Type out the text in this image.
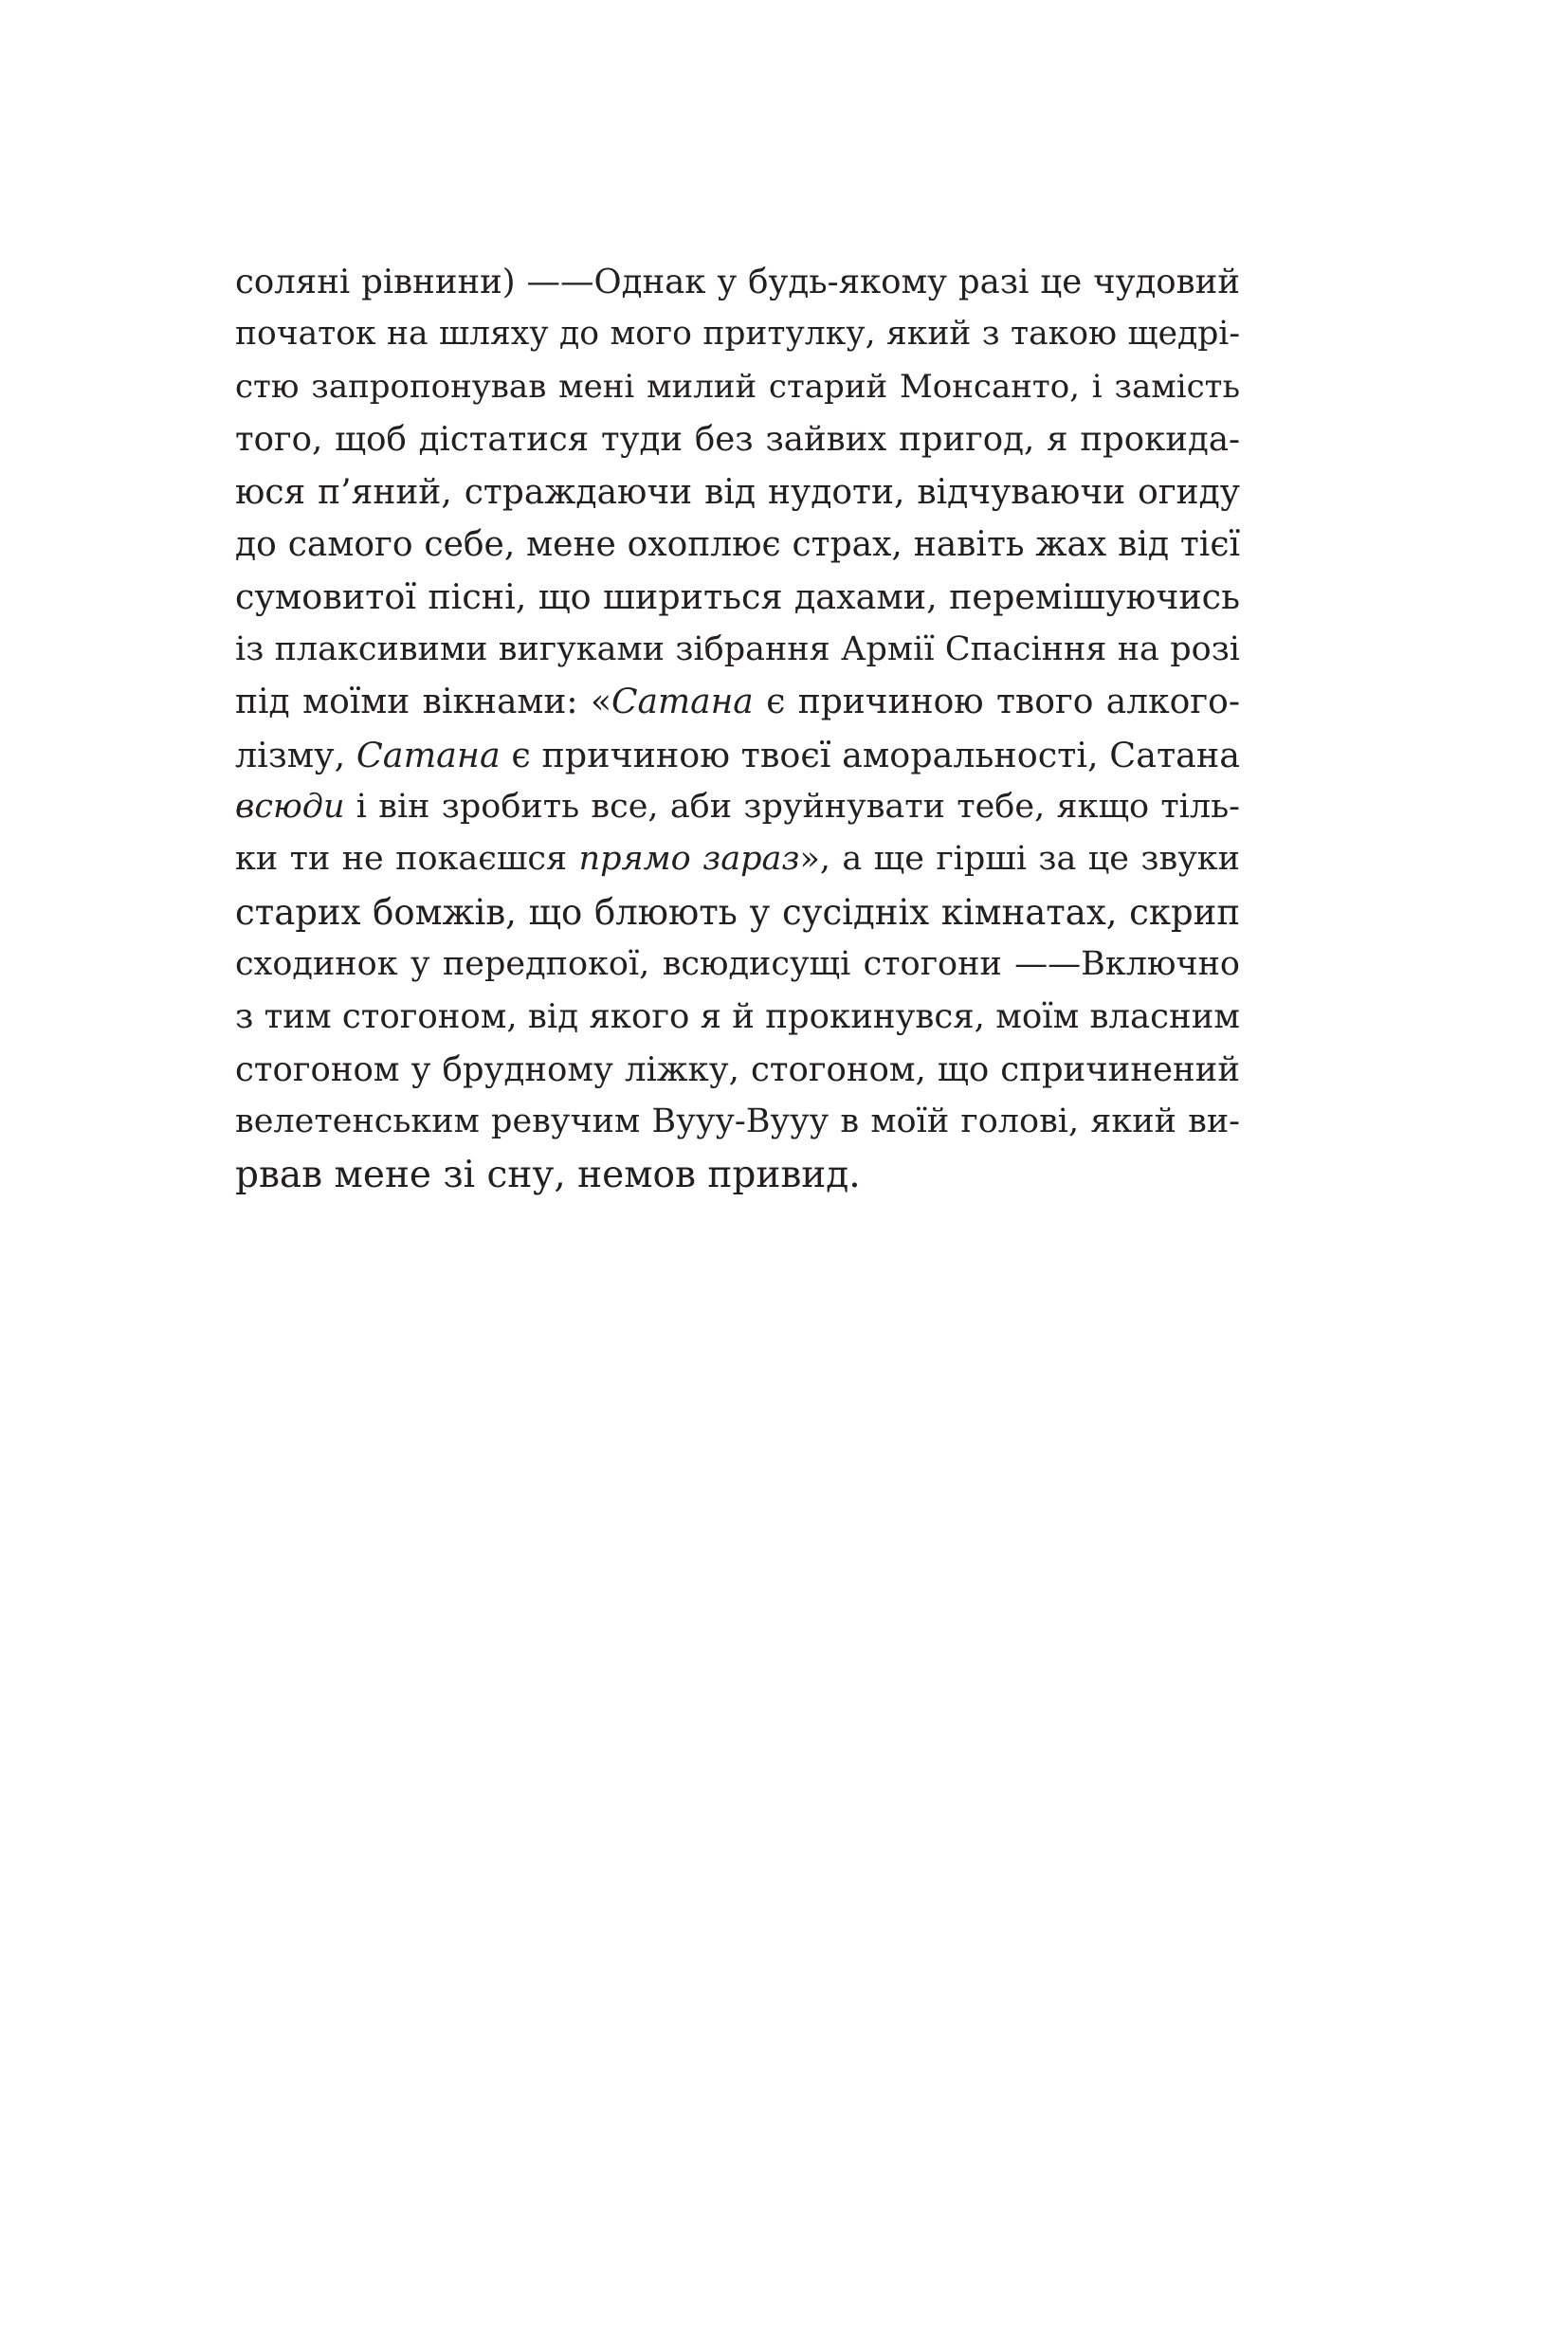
соляні рівнини) ——Однак у будь-якому разі це чудовий
початок на шляху до мого притулку, який з такою щедрі-
стю запропонував мені милий старий Монсанто, і замість
того, щоб дістатися туди без зайвих пригод, я прокида-
юся п’яний, страждаючи від нудоти, відчуваючи огиду
до самого себе, мене охоплює страх, навіть жах від тієї
сумовитої пісні, що шириться дахами, перемішуючись
із плаксивими вигуками зібрання Армії Спасіння на розі
під моїми вікнами: «Сатана є причиною твого алкого-
лізму, Сатана є причиною твоєї аморальності, Сатана
всюди і він зробить все, аби зруйнувати тебе, якщо тіль-
ки ти не покаєшся прямо зараз», а ще гірші за це звуки
старих бомжів, що блюють у сусідніх кімнатах, скрип
сходинок у передпокої, всюдисущі стогони ——Включно
з тим стогоном, від якого я й прокинувся, моїм власним
стогоном у брудному ліжку, стогоном, що спричинений
велетенським ревучим Вууу-Вууу в моїй голові, який ви-
рвав мене зі сну, немов привид.
